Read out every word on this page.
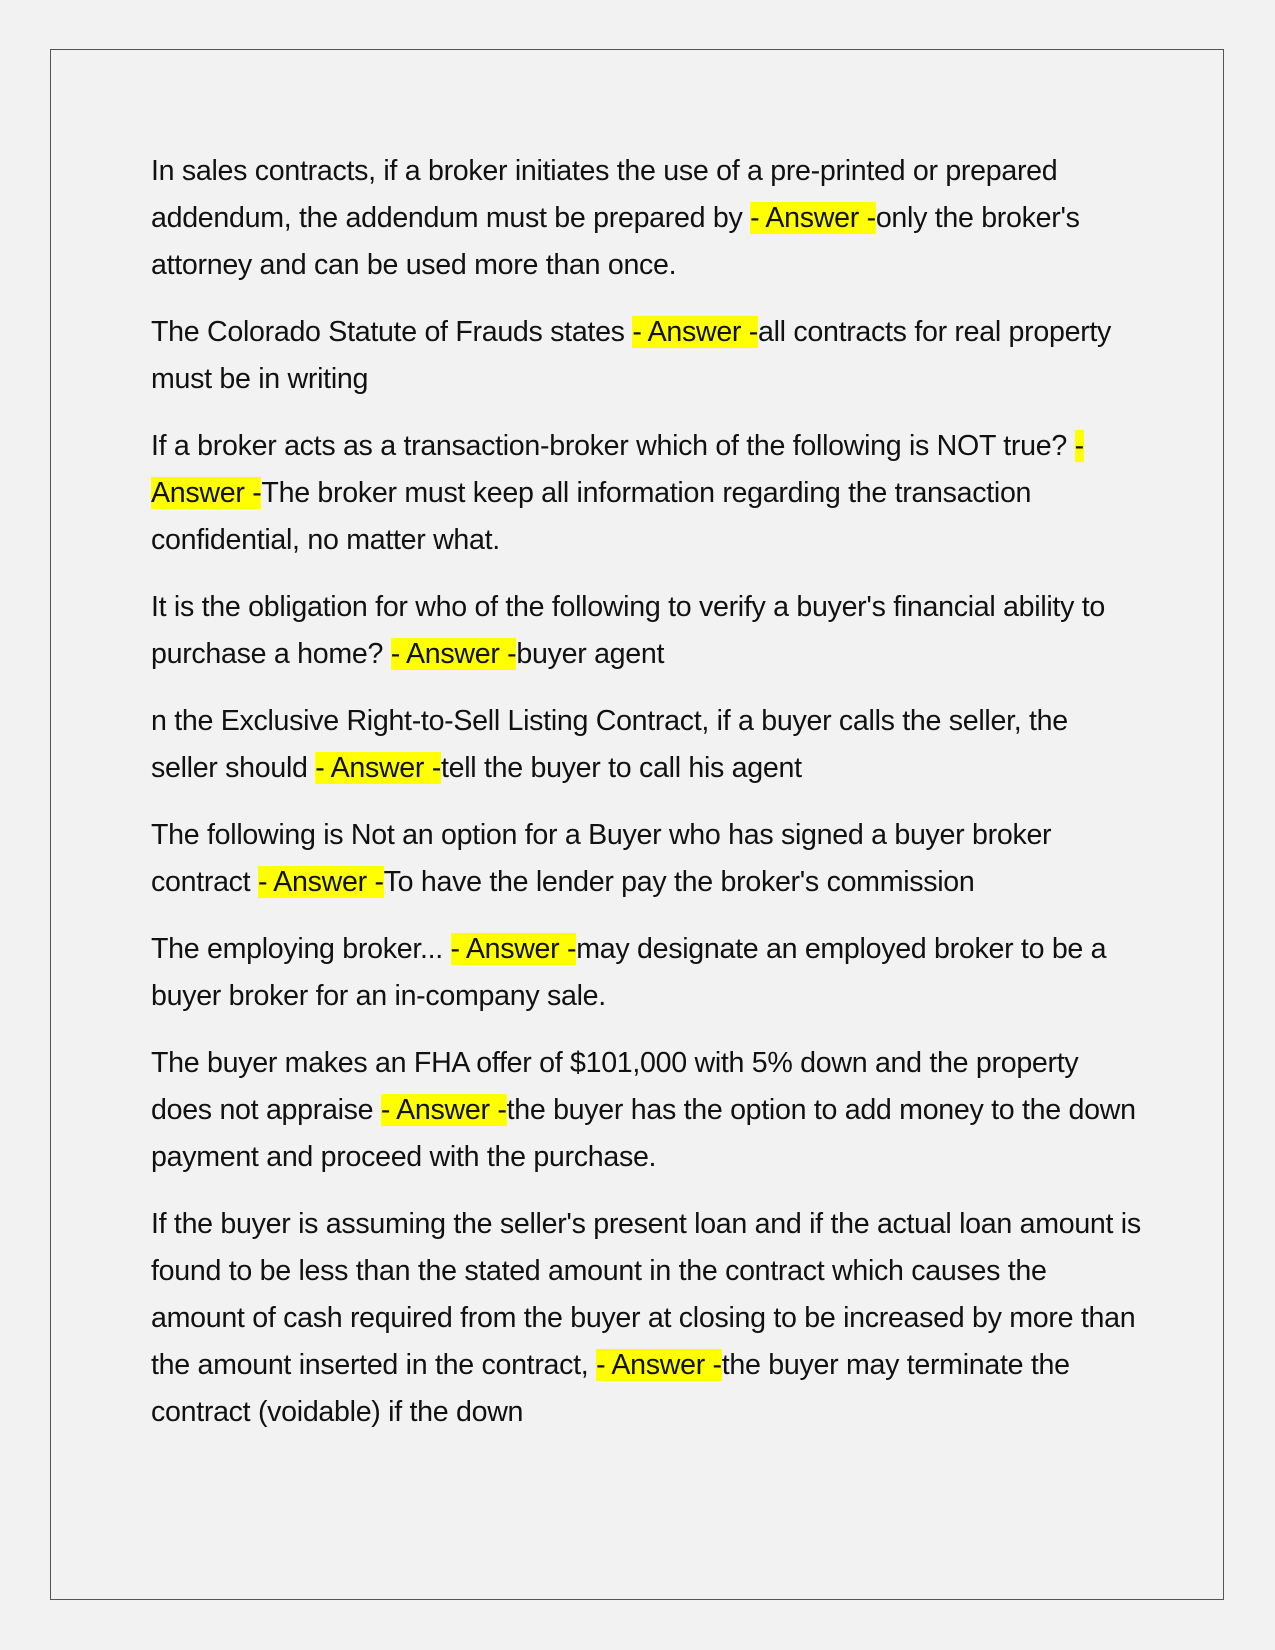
In sales contracts, if a broker initiates the use of a pre-printed or prepared addendum, the addendum must be prepared by - Answer -only the broker's attorney and can be used more than once.

The Colorado Statute of Frauds states - Answer -all contracts for real property must be in writing

If a broker acts as a transaction-broker which of the following is NOT true? - Answer -The broker must keep all information regarding the transaction confidential, no matter what.

It is the obligation for who of the following to verify a buyer's financial ability to purchase a home? - Answer -buyer agent

n the Exclusive Right-to-Sell Listing Contract, if a buyer calls the seller, the seller should - Answer -tell the buyer to call his agent

The following is Not an option for a Buyer who has signed a buyer broker contract - Answer -To have the lender pay the broker's commission

The employing broker... - Answer -may designate an employed broker to be a buyer broker for an in-company sale.

The buyer makes an FHA offer of $101,000 with 5% down and the property does not appraise - Answer -the buyer has the option to add money to the down payment and proceed with the purchase.

If the buyer is assuming the seller's present loan and if the actual loan amount is found to be less than the stated amount in the contract which causes the amount of cash required from the buyer at closing to be increased by more than the amount inserted in the contract, - Answer -the buyer may terminate the contract (voidable) if the down
